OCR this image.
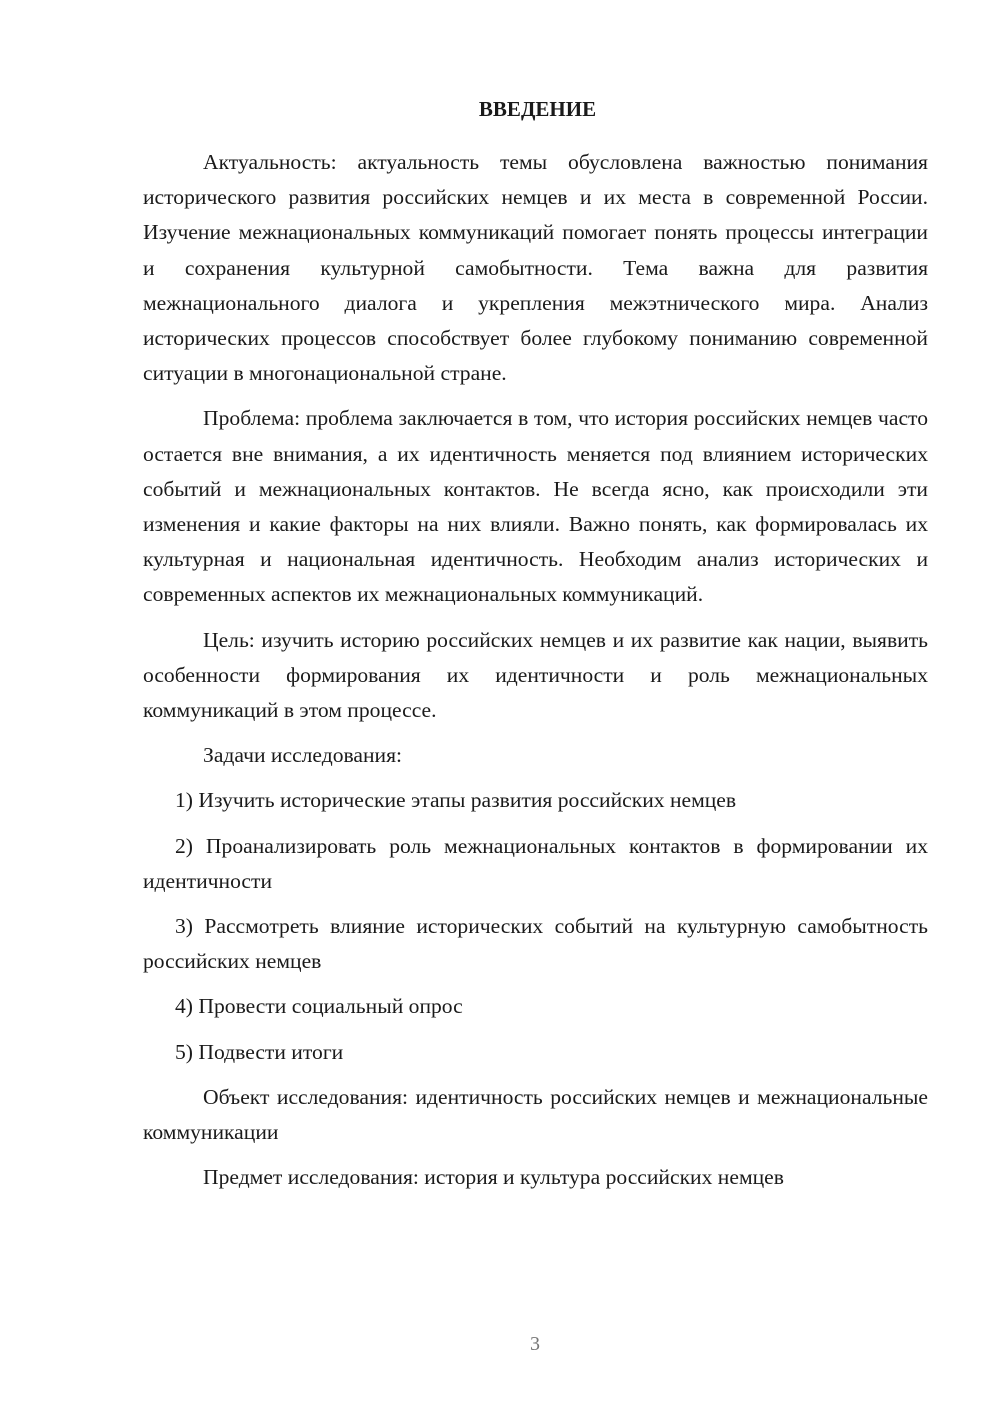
ВВЕДЕНИЕ

Актуальность: актуальность темы обусловлена важностью понимания исторического развития российских немцев и их места в современной России. Изучение межнациональных коммуникаций помогает понять процессы интеграции и сохранения культурной самобытности. Тема важна для развития межнационального диалога и укрепления межэтнического мира. Анализ исторических процессов способствует более глубокому пониманию современной ситуации в многонациональной стране.

Проблема: проблема заключается в том, что история российских немцев часто остается вне внимания, а их идентичность меняется под влиянием исторических событий и межнациональных контактов. Не всегда ясно, как происходили эти изменения и какие факторы на них влияли. Важно понять, как формировалась их культурная и национальная идентичность. Необходим анализ исторических и современных аспектов их межнациональных коммуникаций.

Цель: изучить историю российских немцев и их развитие как нации, выявить особенности формирования их идентичности и роль межнациональных коммуникаций в этом процессе.

Задачи исследования:

1) Изучить исторические этапы развития российских немцев

2) Проанализировать роль межнациональных контактов в формировании их идентичности

3) Рассмотреть влияние исторических событий на культурную самобытность российских немцев

4) Провести социальный опрос

5) Подвести итоги

Объект исследования: идентичность российских немцев и межнациональные коммуникации

Предмет исследования: история и культура российских немцев

3
